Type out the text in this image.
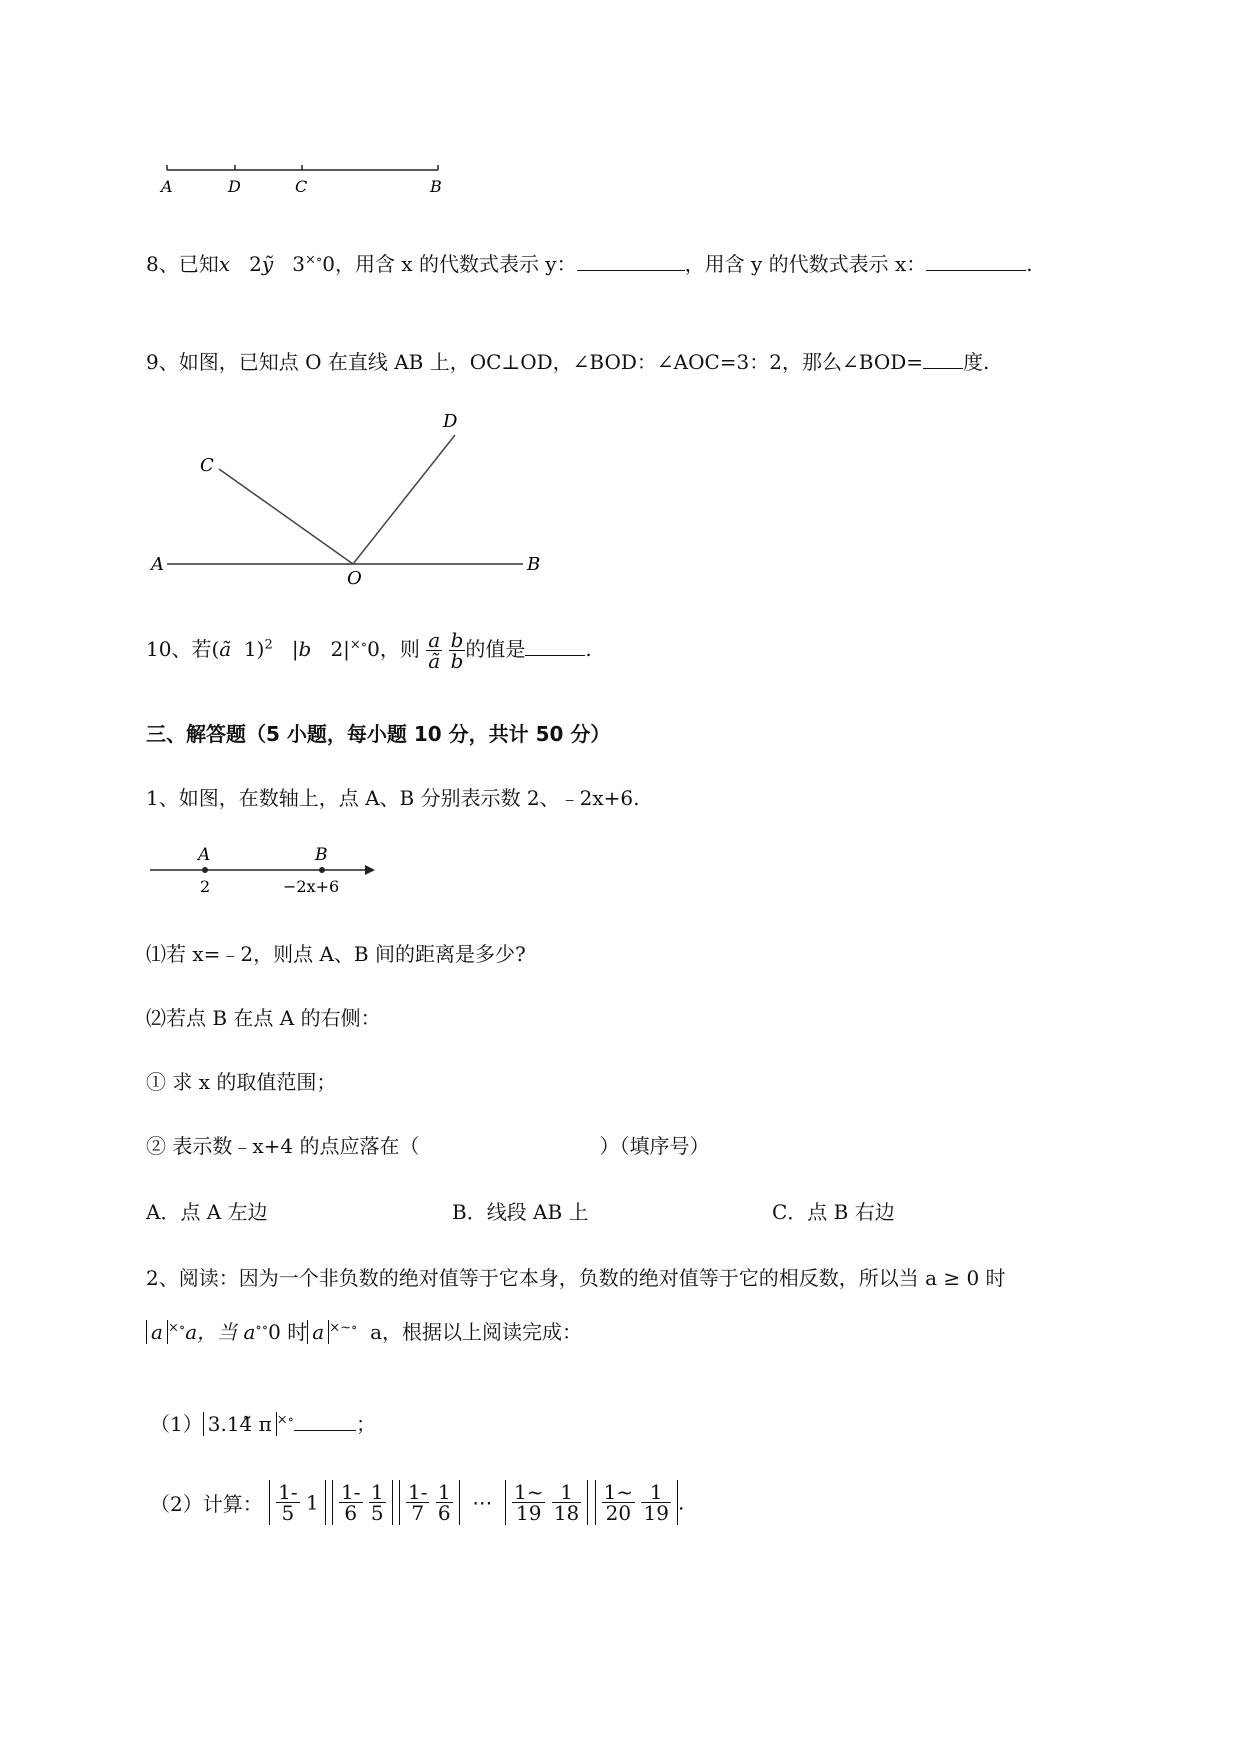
A	D	C	B
8、已知x 2ỹ 3×∘0，用含 x 的代数式表示 y：	，用含 y 的代数式表示 x：	.
9、如图，已知点 O 在直线 AB 上，OC⊥OD，∠BOD：∠AOC=3：2，那么∠BOD= 度.
C
D
A
O
B
10、若(ã 1)$^2$ |b 2|×∘0，则 $\frac{a}{ã}$
$\frac{b}{b}$ 的值是	.
三、解答题（5 小题，每小题 10 分，共计 50 分）
1、如图，在数轴上，点 A、B 分别表示数 2、﹣2x+6.
A	B
2	−2x+6
⑴若 x=﹣2，则点 A、B 间的距离是多少?
⑵若点 B 在点 A 的右侧：
① 求 x 的取值范围；
② 表示数﹣x+4 的点应落在（	）（填序号）
A．点 A 左边	B．线段 AB 上	C．点 B 右边
2、阅读：因为一个非负数的绝对值等于它本身，负数的绝对值等于它的相反数，所以当 a ≥ 0 时
a ×∘a，当 a∘∘0 时 a ×∼∘ a，根据以上阅读完成：
（1） 3.14̃ π ×∘	；
（2）计算： $\frac{1-}{5} 1 \frac{1-}{6}$
$\frac{1}{5}$
$\frac{1-}{7}$
$\frac{1}{6}$ ⋯ $\frac{1\sim}{19}$
$\frac{1}{18}$
$\frac{1\sim}{20}$
$\frac{1}{19}$ .
